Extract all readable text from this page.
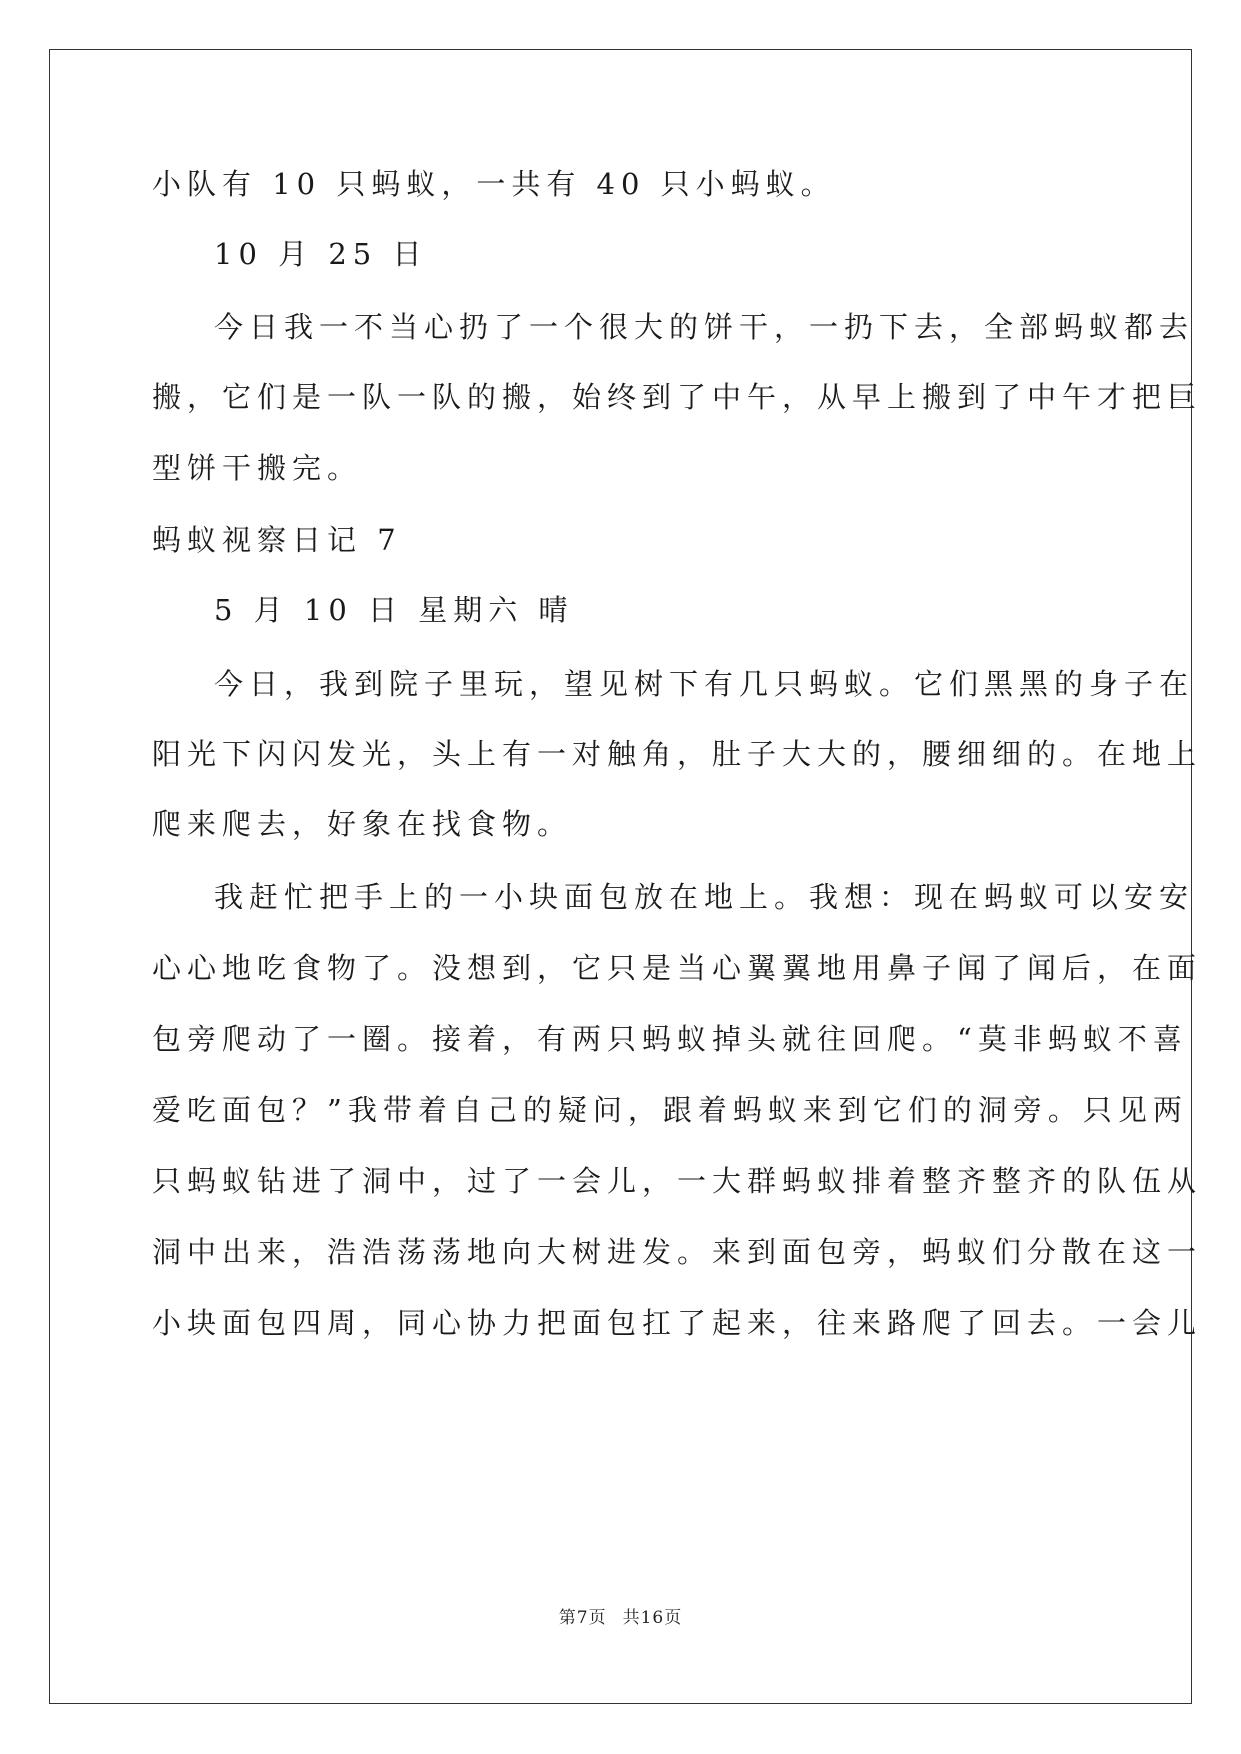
小队有 10 只蚂蚁，一共有 40 只小蚂蚁。
10 月 25 日
今日我一不当心扔了一个很大的饼干，一扔下去，全部蚂蚁都去
搬，它们是一队一队的搬，始终到了中午，从早上搬到了中午才把巨
型饼干搬完。
蚂蚁视察日记 7
5 月 10 日 星期六 晴
今日，我到院子里玩，望见树下有几只蚂蚁。它们黑黑的身子在
阳光下闪闪发光，头上有一对触角，肚子大大的，腰细细的。在地上
爬来爬去，好象在找食物。
我赶忙把手上的一小块面包放在地上。我想：现在蚂蚁可以安安
心心地吃食物了。没想到，它只是当心翼翼地用鼻子闻了闻后，在面
包旁爬动了一圈。接着，有两只蚂蚁掉头就往回爬。“莫非蚂蚁不喜
爱吃面包？”我带着自己的疑问，跟着蚂蚁来到它们的洞旁。只见两
只蚂蚁钻进了洞中，过了一会儿，一大群蚂蚁排着整齐整齐的队伍从
洞中出来，浩浩荡荡地向大树进发。来到面包旁，蚂蚁们分散在这一
小块面包四周，同心协力把面包扛了起来，往来路爬了回去。一会儿
第7页 共16页
